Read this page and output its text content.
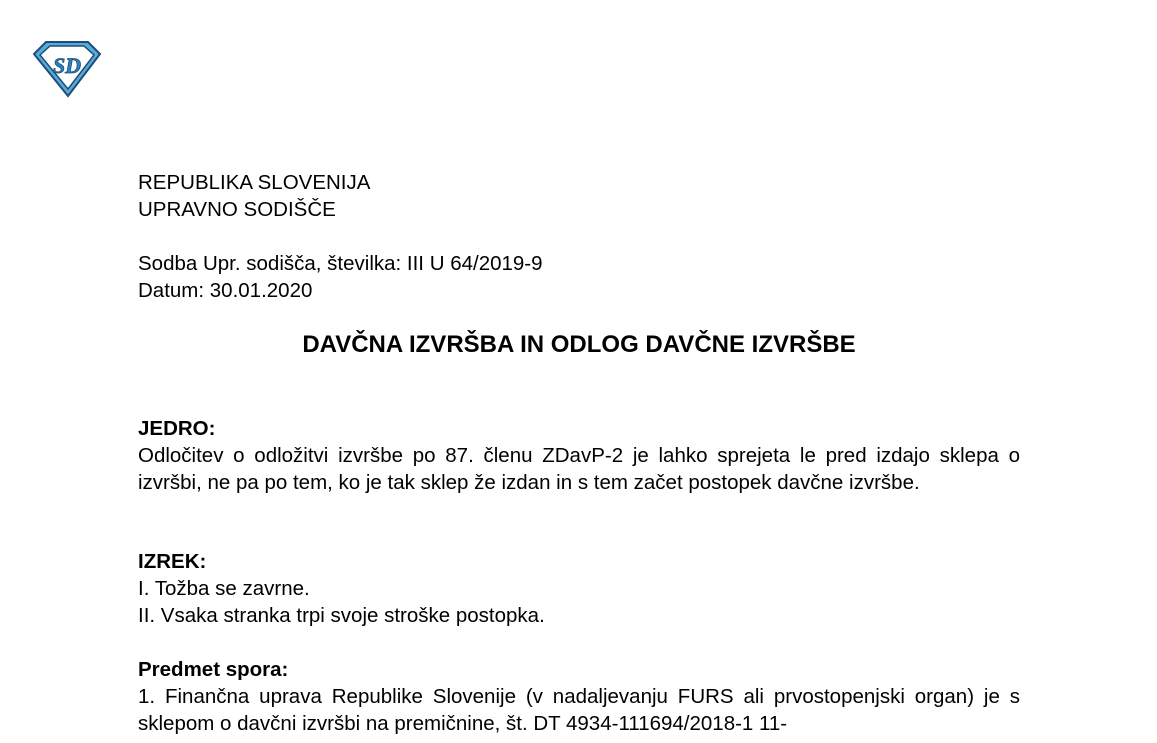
SD
REPUBLIKA SLOVENIJA
UPRAVNO SODIŠČE
Sodba Upr. sodišča, številka: III U 64/2019-9
Datum: 30.01.2020
DAVČNA IZVRŠBA IN ODLOG DAVČNE IZVRŠBE
JEDRO:
Odločitev o odložitvi izvršbe po 87. členu ZDavP-2 je lahko sprejeta le pred izdajo sklepa o izvršbi, ne pa po tem, ko je tak sklep že izdan in s tem začet postopek davčne izvršbe.
IZREK:
I. Tožba se zavrne.
II. Vsaka stranka trpi svoje stroške postopka.
Predmet spora:
1. Finančna uprava Republike Slovenije (v nadaljevanju FURS ali prvostopenjski organ) je s sklepom o davčni izvršbi na premičnine, št. DT 4934-111694/2018-1 11-
